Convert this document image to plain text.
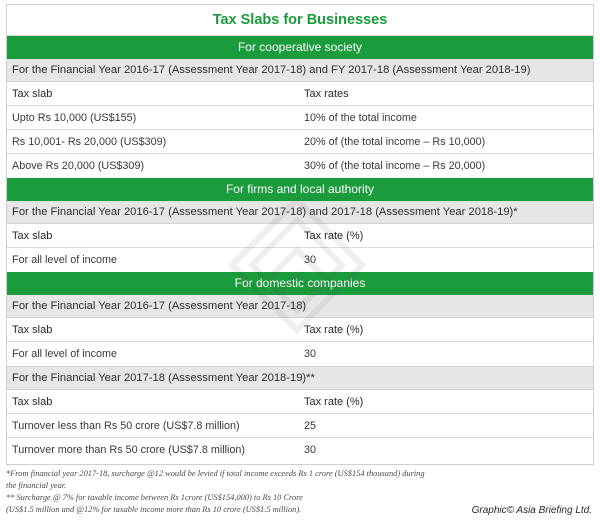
Tax Slabs for Businesses
For cooperative society
For the Financial Year 2016-17 (Assessment Year 2017-18) and FY 2017-18 (Assessment Year 2018-19)
Tax slab	Tax rates
Upto Rs 10,000 (US$155)	10% of the total income
Rs 10,001- Rs 20,000 (US$309)	20% of (the total income – Rs 10,000)
Above Rs 20,000 (US$309)	30% of (the total income – Rs 20,000)
For firms and local authority
For the Financial Year 2016-17 (Assessment Year 2017-18) and 2017-18 (Assessment Year 2018-19)*
Tax slab	Tax rate (%)
For all level of income	30
For domestic companies
For the Financial Year 2016-17 (Assessment Year 2017-18)
Tax slab	Tax rate (%)
For all level of income	30
For the Financial Year 2017-18 (Assessment Year 2018-19)**
Tax slab	Tax rate (%)
Turnover less than Rs 50 crore (US$7.8 million)	25
Turnover more than Rs 50 crore (US$7.8 million)	30
*From financial year 2017-18, surcharge @12 would be levied if total income exceeds Rs 1 crore (US$154 thousand) during the financial year.
** Surcharge @ 7% for taxable income between Rs 1crore (US$154,000) to Rs 10 Crore
(US$1.5 million and @12% for taxable income more than Rs 10 crore (US$1.5 million).	Graphic© Asia Briefing Ltd.
